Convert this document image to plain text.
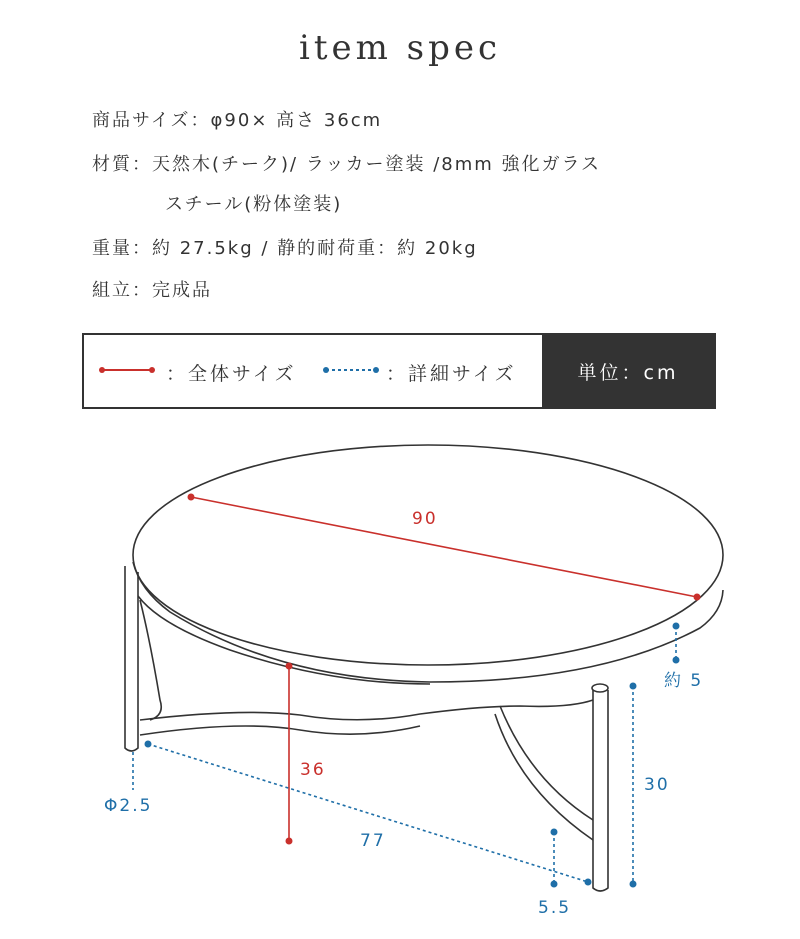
item spec
商品サイズ：φ90× 高さ 36cm
材質：天然木(チーク)/ ラッカー塗装 /8mm 強化ガラス
スチール(粉体塗装)
重量：約 27.5kg / 静的耐荷重：約 20kg
組立：完成品
：全体サイズ	：詳細サイズ	単位：cm
90
36
約 5
30
Φ2.5
77
5.5
